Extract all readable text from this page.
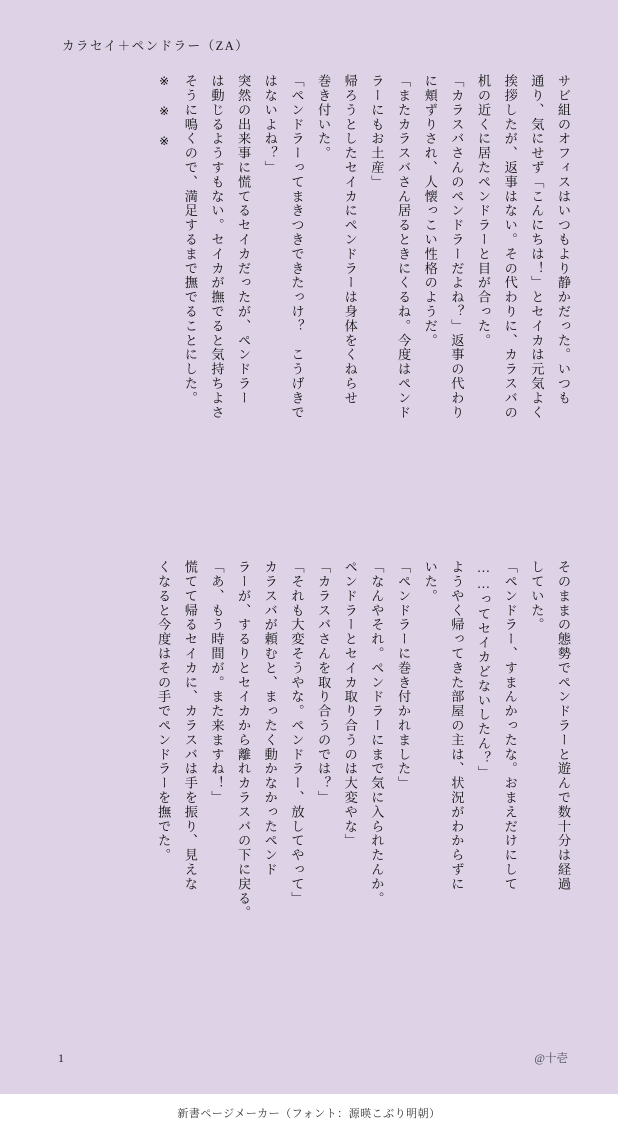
カラセイ＋ペンドラー（ZA）

サビ組のオフィスはいつもより静かだった。いつも

通り、気にせず「こんにちは！」とセイカは元気よく

挨拶したが、返事はない。その代わりに、カラスバの

机の近くに居たペンドラーと目が合った。

「カラスバさんのペンドラーだよね？」返事の代わり

に頬ずりされ、人懐っこい性格のようだ。

「またカラスバさん居るときにくるね。今度はペンド

ラーにもお土産」

帰ろうとしたセイカにペンドラーは身体をくねらせ

巻き付いた。

「ペンドラーってまきつきできたっけ？　こうげきで

はないよね？」

突然の出来事に慌てるセイカだったが、ペンドラー

は動じるようすもない。セイカが撫でると気持ちよさ

そうに鳴くので、満足するまで撫でることにした。

※ ※ ※

そのままの態勢でペンドラーと遊んで数十分は経過

していた。

「ペンドラー、すまんかったな。おまえだけにして

……ってセイカどないしたん？」

ようやく帰ってきた部屋の主は、状況がわからずに

いた。

「ペンドラーに巻き付かれました」

「なんやそれ。ペンドラーにまで気に入られたんか。

ペンドラーとセイカ取り合うのは大変やな」

「カラスバさんを取り合うのでは？」

「それも大変そうやな。ペンドラー、放してやって」

カラスバが頼むと、まったく動かなかったペンド

ラーが、するりとセイカから離れカラスバの下に戻る。

「あ、もう時間が。また来ますね！」

慌てて帰るセイカに、カラスバは手を振り、見えな

くなると今度はその手でペンドラーを撫でた。

1	@十壱
新書ページメーカー（フォント：源暎こぶり明朝）
